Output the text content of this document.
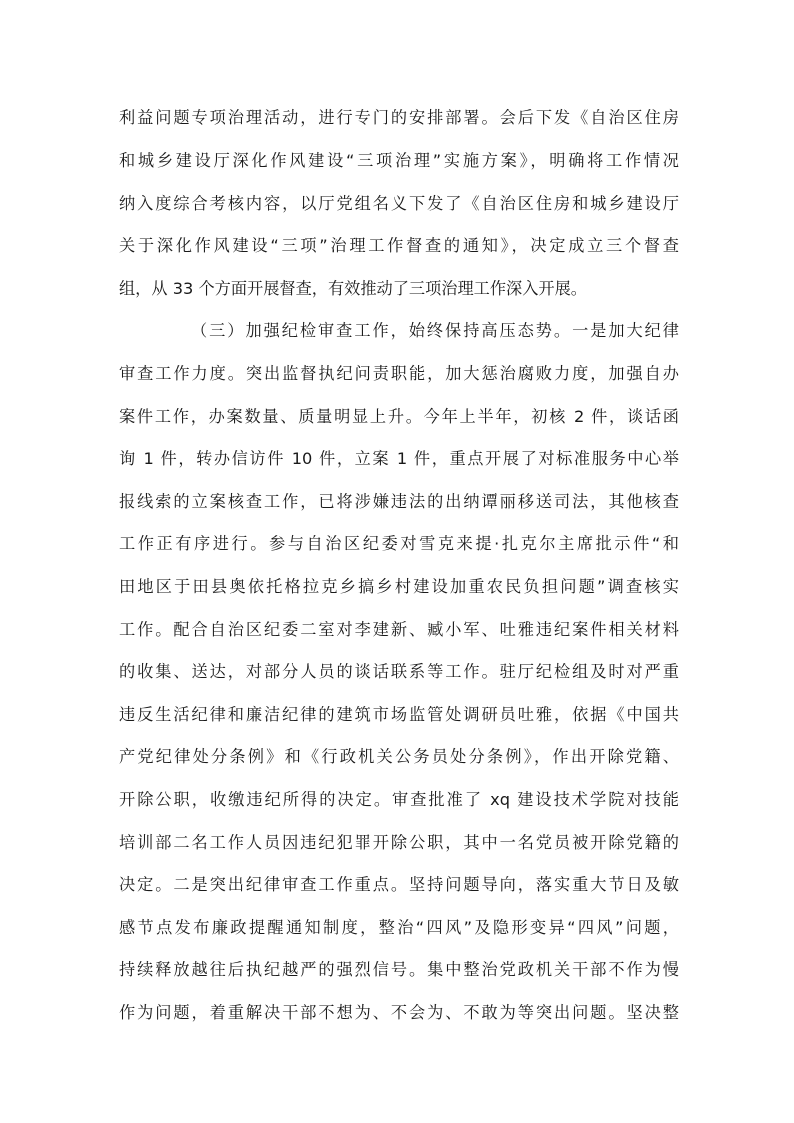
利益问题专项治理活动，进行专门的安排部署。会后下发《自治区住房
和城乡建设厅深化作风建设“三项治理”实施方案》，明确将工作情况
纳入度综合考核内容，以厅党组名义下发了《自治区住房和城乡建设厅
关于深化作风建设“三项”治理工作督查的通知》，决定成立三个督查
组，从 33 个方面开展督查，有效推动了三项治理工作深入开展。
（三）加强纪检审查工作，始终保持高压态势。一是加大纪律
审查工作力度。突出监督执纪问责职能，加大惩治腐败力度，加强自办
案件工作，办案数量、质量明显上升。今年上半年，初核 2 件，谈话函
询 1 件，转办信访件 10 件，立案 1 件，重点开展了对标准服务中心举
报线索的立案核查工作，已将涉嫌违法的出纳谭丽移送司法，其他核查
工作正有序进行。参与自治区纪委对雪克来提·扎克尔主席批示件“和
田地区于田县奥依托格拉克乡搞乡村建设加重农民负担问题”调查核实
工作。配合自治区纪委二室对李建新、臧小军、吐雅违纪案件相关材料
的收集、送达，对部分人员的谈话联系等工作。驻厅纪检组及时对严重
违反生活纪律和廉洁纪律的建筑市场监管处调研员吐雅，依据《中国共
产党纪律处分条例》和《行政机关公务员处分条例》，作出开除党籍、
开除公职，收缴违纪所得的决定。审查批准了 xq 建设技术学院对技能
培训部二名工作人员因违纪犯罪开除公职，其中一名党员被开除党籍的
决定。二是突出纪律审查工作重点。坚持问题导向，落实重大节日及敏
感节点发布廉政提醒通知制度，整治“四风”及隐形变异“四风”问题，
持续释放越往后执纪越严的强烈信号。集中整治党政机关干部不作为慢
作为问题，着重解决干部不想为、不会为、不敢为等突出问题。坚决整
